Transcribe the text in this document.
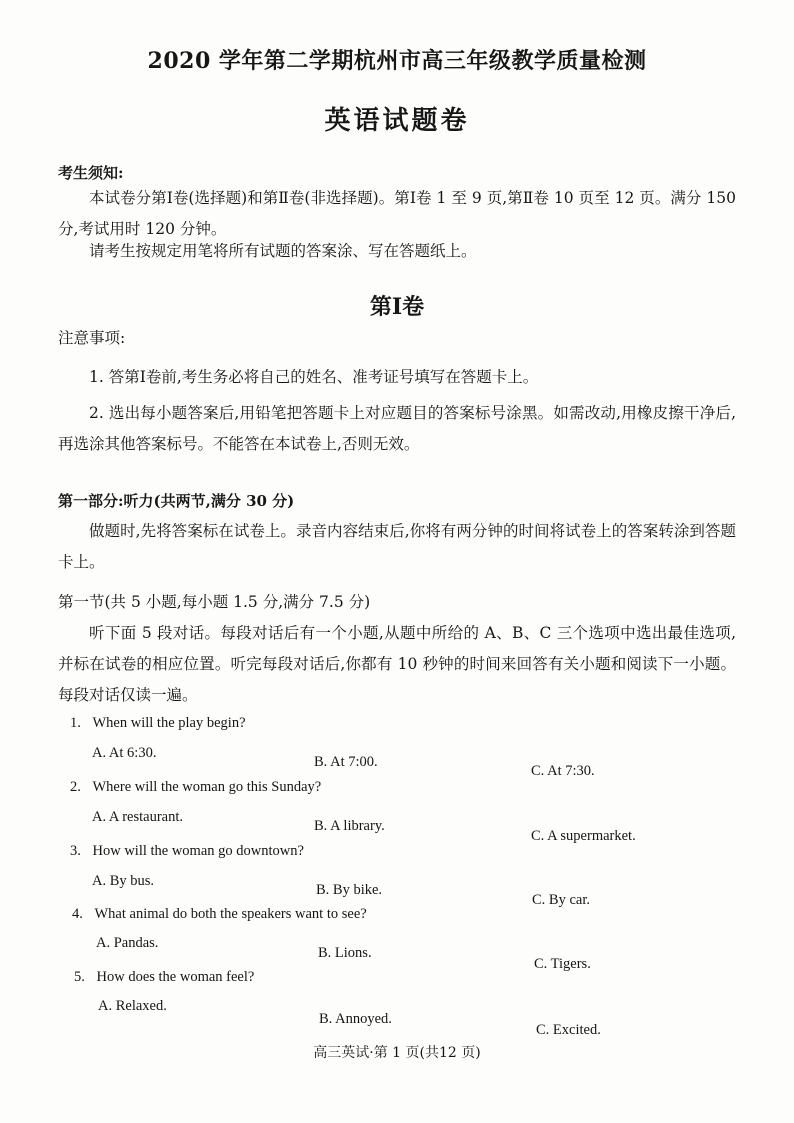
2020 学年第二学期杭州市高三年级教学质量检测
英语试题卷
考生须知:
本试卷分第Ⅰ卷(选择题)和第Ⅱ卷(非选择题)。第Ⅰ卷 1 至 9 页,第Ⅱ卷 10 页至 12 页。满分 150 分,考试用时 120 分钟。
请考生按规定用笔将所有试题的答案涂、写在答题纸上。
第Ⅰ卷
注意事项:
1. 答第Ⅰ卷前,考生务必将自己的姓名、准考证号填写在答题卡上。
2. 选出每小题答案后,用铅笔把答题卡上对应题目的答案标号涂黑。如需改动,用橡皮擦干净后,再选涂其他答案标号。不能答在本试卷上,否则无效。
第一部分:听力(共两节,满分 30 分)
做题时,先将答案标在试卷上。录音内容结束后,你将有两分钟的时间将试卷上的答案转涂到答题卡上。
第一节(共 5 小题,每小题 1.5 分,满分 7.5 分)
听下面 5 段对话。每段对话后有一个小题,从题中所给的 A、B、C 三个选项中选出最佳选项,并标在试卷的相应位置。听完每段对话后,你都有 10 秒钟的时间来回答有关小题和阅读下一小题。每段对话仅读一遍。
1. When will the play begin?
A. At 6:30.
B. At 7:00.
C. At 7:30.
2. Where will the woman go this Sunday?
A. A restaurant.
B. A library.
C. A supermarket.
3. How will the woman go downtown?
A. By bus.
B. By bike.
C. By car.
4. What animal do both the speakers want to see?
A. Pandas.
B. Lions.
C. Tigers.
5. How does the woman feel?
A. Relaxed.
B. Annoyed.
C. Excited.
高三英试·第 1 页(共12 页)
